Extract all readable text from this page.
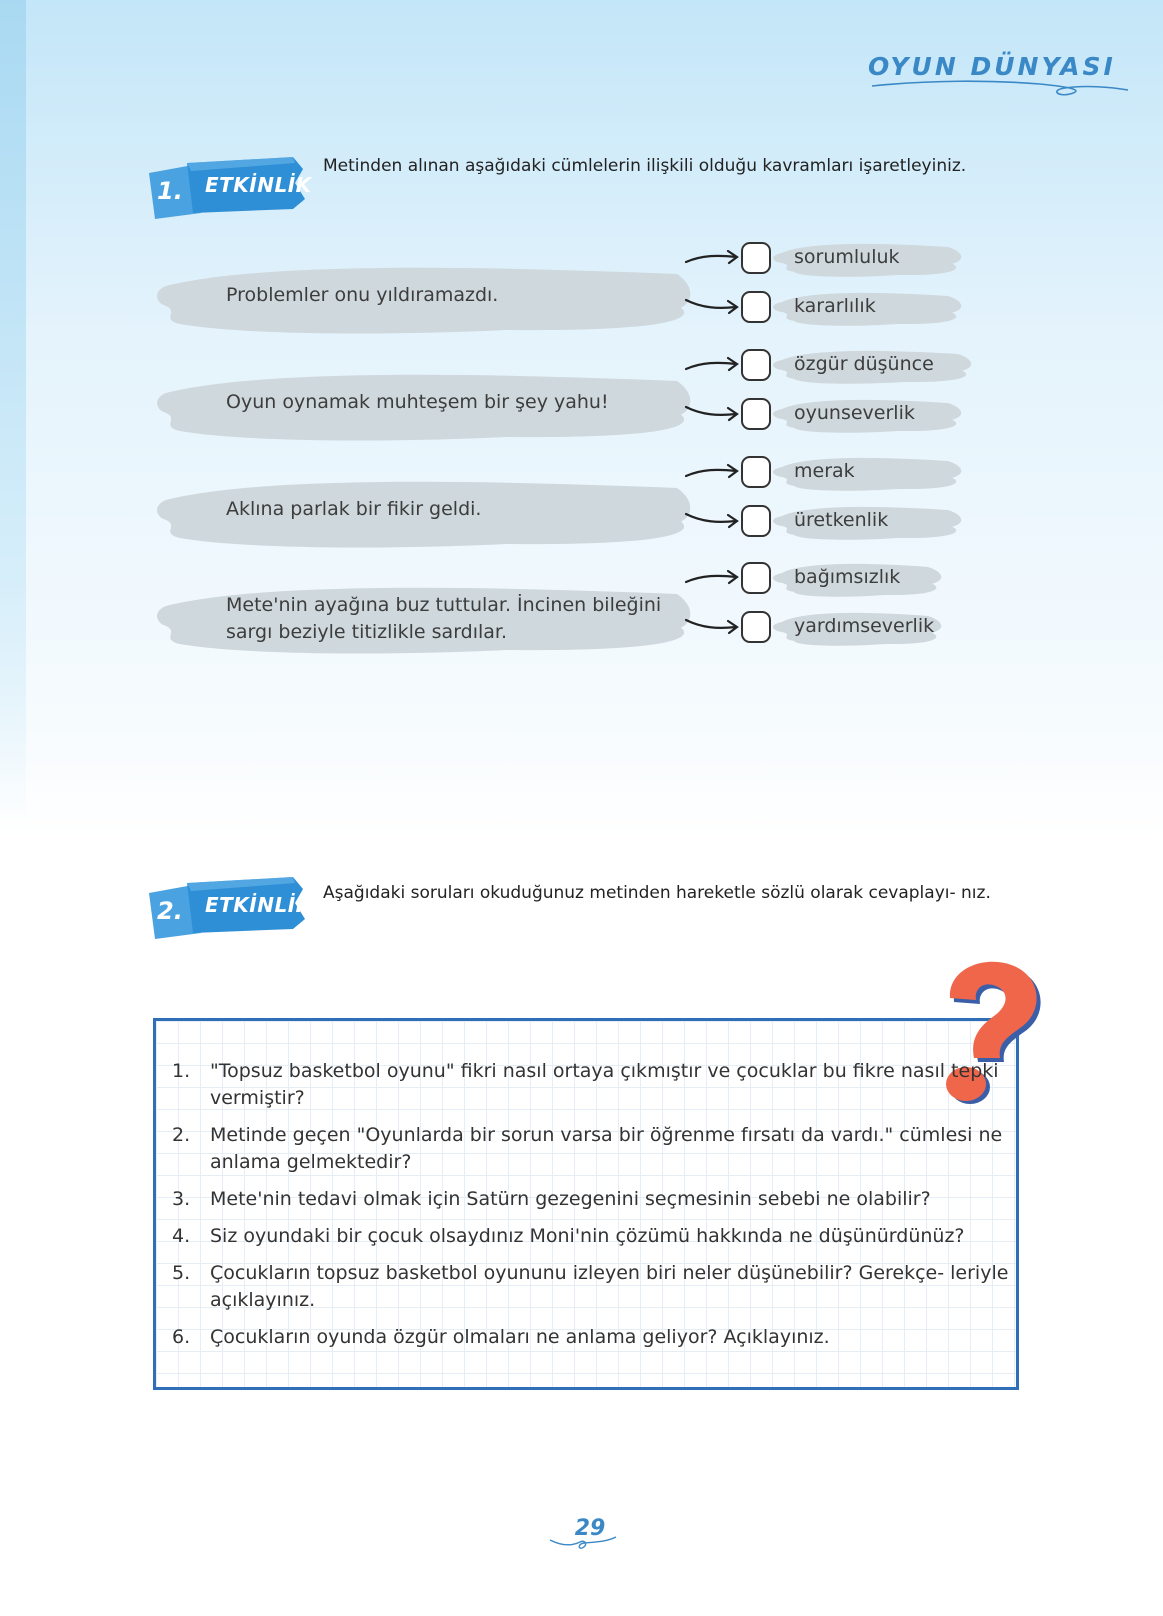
OYUN DÜNYASI
1. ETKİNLİK
Metinden alınan aşağıdaki cümlelerin ilişkili olduğu kavramları işaretleyiniz.
Problemler onu yıldıramazdı.
sorumluluk
kararlılık
Oyun oynamak muhteşem bir şey yahu!
özgür düşünce
oyunseverlik
Aklına parlak bir fikir geldi.
merak
üretkenlik
Mete'nin ayağına buz tuttular. İncinen bileğini sargı beziyle titizlikle sardılar.
bağımsızlık
yardımseverlik
2. ETKİNLİK Aşağıdaki soruları okuduğunuz metinden hareketle sözlü olarak cevaplayı- nız.
1. "Topsuz basketbol oyunu" fikri nasıl ortaya çıkmıştır ve çocuklar bu fikre nasıl tepki vermiştir?
2. Metinde geçen "Oyunlarda bir sorun varsa bir öğrenme fırsatı da vardı." cümlesi ne anlama gelmektedir?
3. Mete'nin tedavi olmak için Satürn gezegenini seçmesinin sebebi ne olabilir?
4. Siz oyundaki bir çocuk olsaydınız Moni'nin çözümü hakkında ne düşünürdünüz?
5. Çocukların topsuz basketbol oyununu izleyen biri neler düşünebilir? Gerekçe- leriyle açıklayınız.
6. Çocukların oyunda özgür olmaları ne anlama geliyor? Açıklayınız.
29
